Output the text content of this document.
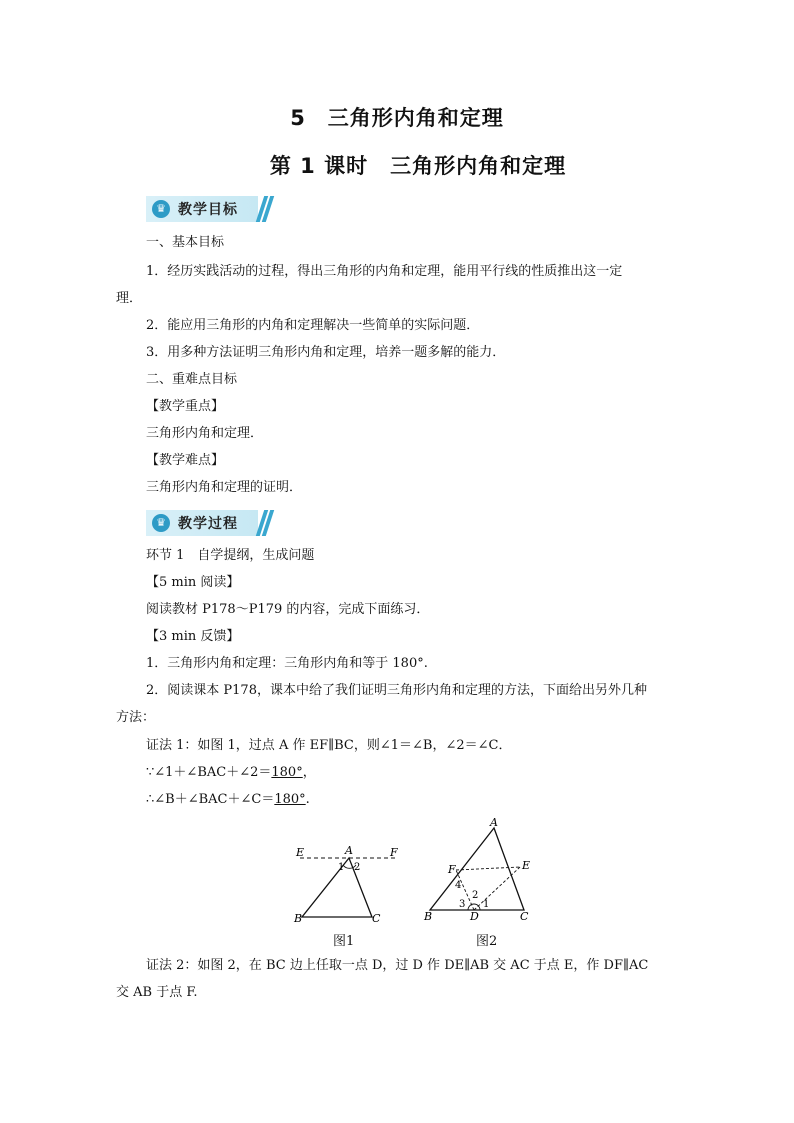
5　三角形内角和定理
第 1 课时　三角形内角和定理
♛ 教学目标
一、基本目标
1．经历实践活动的过程，得出三角形的内角和定理，能用平行线的性质推出这一定
理．
2．能应用三角形的内角和定理解决一些简单的实际问题．
3．用多种方法证明三角形内角和定理，培养一题多解的能力．
二、重难点目标
【教学重点】
三角形内角和定理．
【教学难点】
三角形内角和定理的证明．
♛ 教学过程
环节 1　自学提纲，生成问题
【5 min 阅读】
阅读教材 P178～P179 的内容，完成下面练习．
【3 min 反馈】
1．三角形内角和定理：三角形内角和等于 180°.
2．阅读课本 P178，课本中给了我们证明三角形内角和定理的方法，下面给出另外几种
方法：
证法 1：如图 1，过点 A 作 EF∥BC，则∠1＝∠B，∠2＝∠C．
∵∠1＋∠BAC＋∠2＝180°，
∴∠B＋∠BAC＋∠C＝180°.
E	A	F
1 2
B	C
图1
A
F	E
4
2
3 1
B	D	C
图2
证法 2：如图 2，在 BC 边上任取一点 D，过 D 作 DE∥AB 交 AC 于点 E，作 DF∥AC
交 AB 于点 F.
